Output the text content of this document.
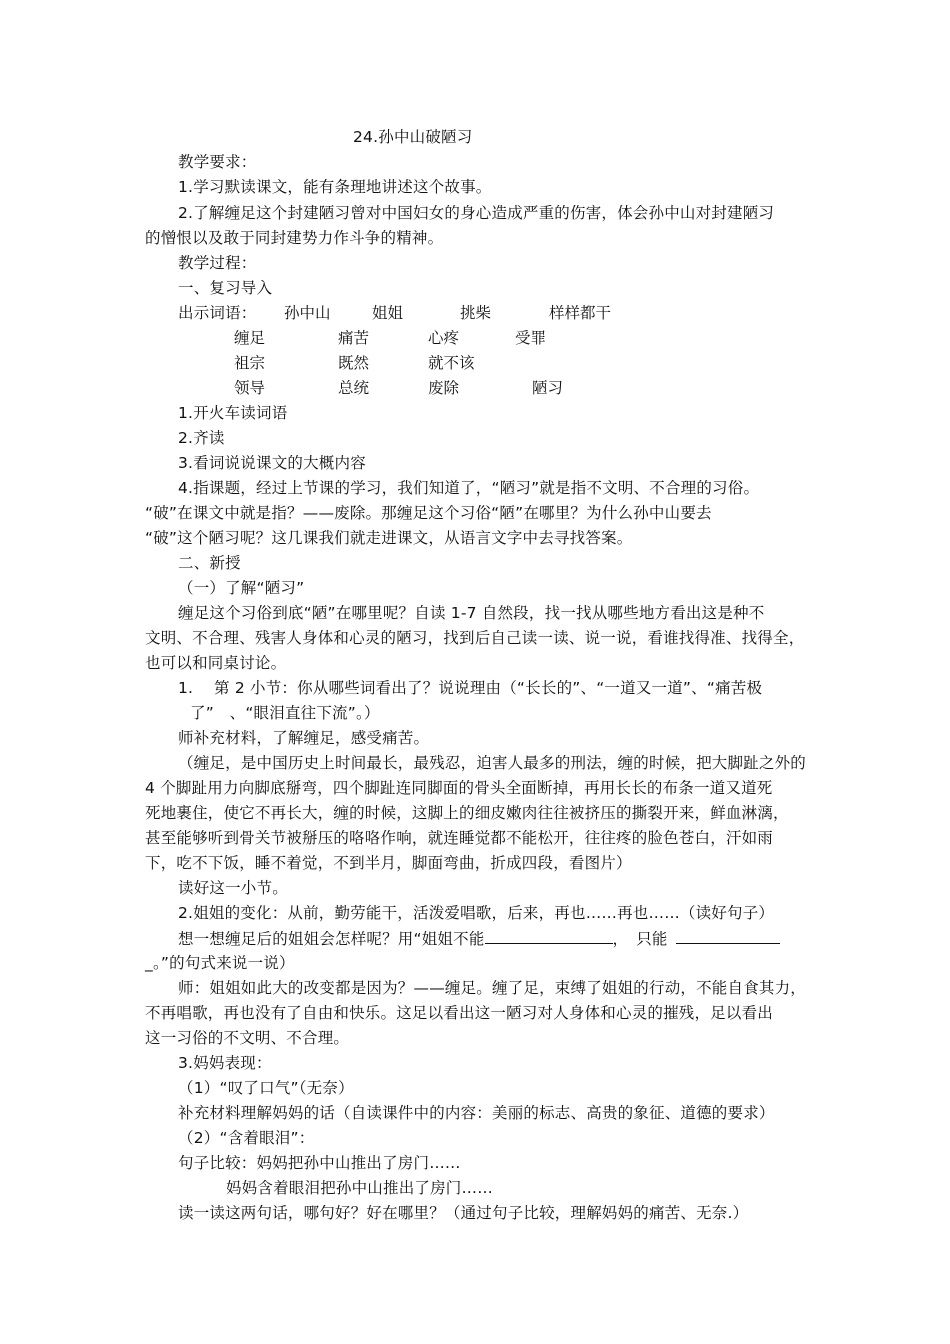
24.孙中山破陋习
教学要求：
1.学习默读课文，能有条理地讲述这个故事。
2.了解缠足这个封建陋习曾对中国妇女的身心造成严重的伤害，体会孙中山对封建陋习
的憎恨以及敢于同封建势力作斗争的精神。
教学过程：
一、复习导入
出示词语： 孙中山	姐姐	挑柴	样样都干
缠足	痛苦	心疼	受罪
祖宗	既然	就不该
领导	总统	废除	陋习
1.开火车读词语
2.齐读
3.看词说说课文的大概内容
4.指课题，经过上节课的学习，我们知道了，“陋习”就是指不文明、不合理的习俗。
“破”在课文中就是指？——废除。那缠足这个习俗“陋”在哪里？为什么孙中山要去
“破”这个陋习呢？这几课我们就走进课文，从语言文字中去寻找答案。
二、新授
（一）了解“陋习”
缠足这个习俗到底“陋”在哪里呢？自读 1-7 自然段，找一找从哪些地方看出这是种不
文明、不合理、残害人身体和心灵的陋习，找到后自己读一读、说一说，看谁找得准、找得全，
也可以和同桌讨论。
1.　 第 2 小节：你从哪些词看出了？说说理由（“长长的”、“一道又一道”、“痛苦极
了”　、“眼泪直往下流”。）
师补充材料，了解缠足，感受痛苦。
（缠足，是中国历史上时间最长，最残忍，迫害人最多的刑法，缠的时候，把大脚趾之外的
4 个脚趾用力向脚底掰弯，四个脚趾连同脚面的骨头全面断掉，再用长长的布条一道又道死
死地裹住，使它不再长大，缠的时候，这脚上的细皮嫩肉往往被挤压的撕裂开来，鲜血淋漓，
甚至能够听到骨关节被掰压的咯咯作响，就连睡觉都不能松开，往往疼的脸色苍白，汗如雨
下，吃不下饭，睡不着觉，不到半月，脚面弯曲，折成四段，看图片）
读好这一小节。
2.姐姐的变化：从前，勤劳能干，活泼爱唱歌，后来，再也……再也……（读好句子）
想一想缠足后的姐姐会怎样呢？用“姐姐不能	，　只能
_。”的句式来说一说）
师：姐姐如此大的改变都是因为？——缠足。缠了足，束缚了姐姐的行动，不能自食其力，
不再唱歌，再也没有了自由和快乐。这足以看出这一陋习对人身体和心灵的摧残，足以看出
这一习俗的不文明、不合理。
3.妈妈表现：
（1）“叹了口气”（无奈）
补充材料理解妈妈的话（自读课件中的内容：美丽的标志、高贵的象征、道德的要求）
（2）“含着眼泪”：
句子比较：妈妈把孙中山推出了房门……
妈妈含着眼泪把孙中山推出了房门……
读一读这两句话，哪句好？好在哪里？（通过句子比较，理解妈妈的痛苦、无奈.）
